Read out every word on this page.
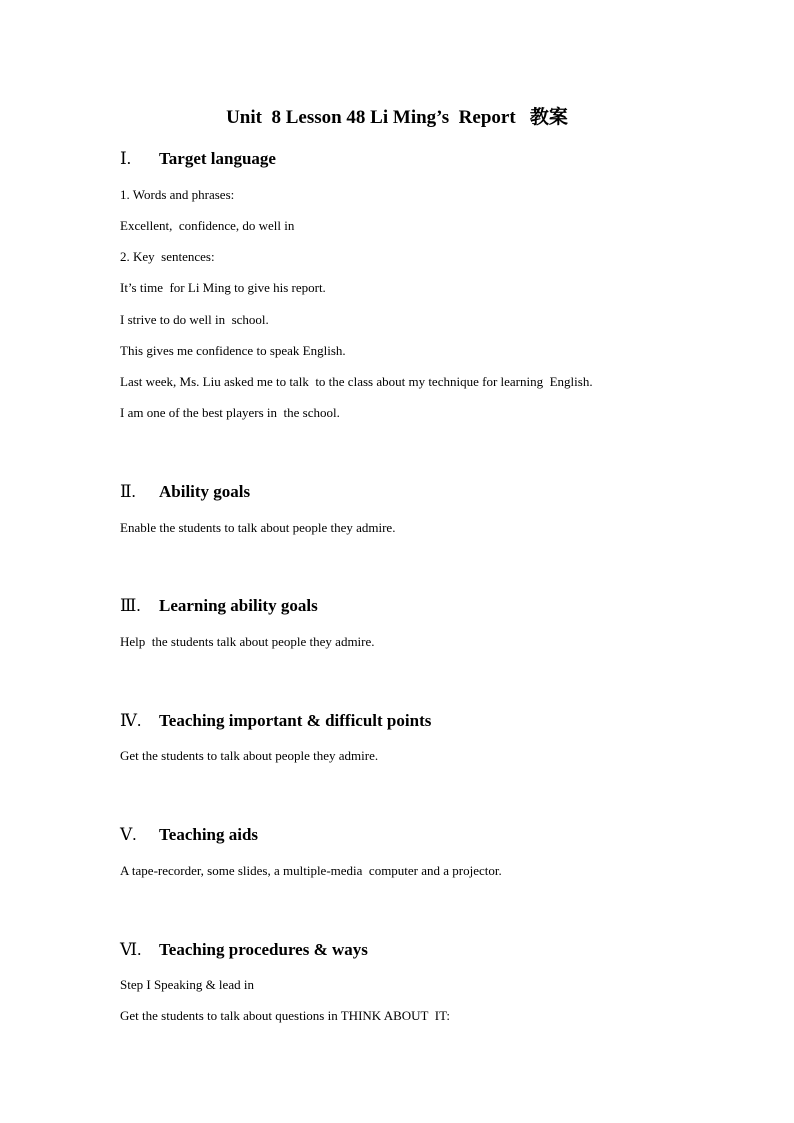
Unit  8 Lesson 48 Li Ming’s  Report   教案
Ⅰ. Target language
1. Words and phrases:
Excellent,  confidence, do well in
2. Key  sentences:
It’s time  for Li Ming to give his report.
I strive to do well in  school.
This gives me confidence to speak English.
Last week, Ms. Liu asked me to talk  to the class about my technique for learning  English.
I am one of the best players in  the school.
Ⅱ. Ability goals
Enable the students to talk about people they admire.
Ⅲ. Learning ability goals
Help  the students talk about people they admire.
Ⅳ. Teaching important & difficult points
Get the students to talk about people they admire.
Ⅴ. Teaching aids
A tape-recorder, some slides, a multiple-media  computer and a projector.
Ⅵ. Teaching procedures & ways
Step I Speaking & lead in
Get the students to talk about questions in THINK ABOUT  IT:
